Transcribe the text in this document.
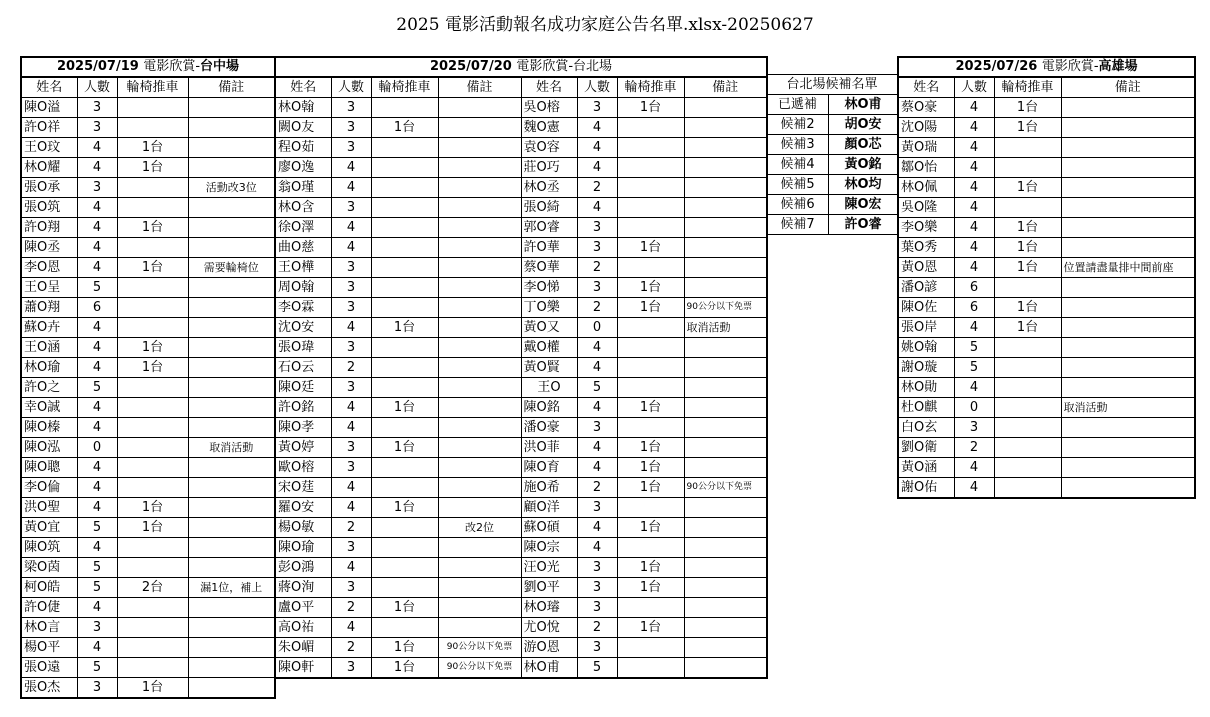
2025 電影活動報名成功家庭公告名單.xlsx-20250627
2025/07/19 電影欣賞-台中場			
姓名	人數	輪椅推車	備註
陳O溢	3		
許O祥	3		
王O玟	4	1台	
林O耀	4	1台	
張O承	3		活動改3位
張O筑	4		
許O翔	4	1台	
陳O丞	4		
李O恩	4	1台	需要輪椅位
王O呈	5		
蕭O翔	6		
蘇O卉	4		
王O涵	4	1台	
林O瑜	4	1台	
許O之	5		
幸O誠	4		
陳O榛	4		
陳O泓	0		取消活動
陳O聰	4		
李O倫	4		
洪O聖	4	1台	
黃O宜	5	1台	
陳O筑	4		
梁O茵	5		
柯O皓	5	2台	漏1位，補上
許O倢	4		
林O言	3		
楊O平	4		
張O遠	5		
張O杰	3	1台	
2025/07/20 電影欣賞-台北場							
姓名	人數	輪椅推車	備註	姓名	人數	輪椅推車	備註
林O翰	3			吳O榕	3	1台	
闕O友	3	1台		魏O憲	4		
程O茹	3			袁O容	4		
廖O逸	4			莊O巧	4		
翁O瑾	4			林O丞	2		
林O含	3			張O綺	4		
徐O澤	4			郭O睿	3		
曲O慈	4			許O華	3	1台	
王O樺	3			蔡O華	2		
周O翰	3			李O悌	3	1台	
李O霖	3			丁O樂	2	1台	90公分以下免票
沈O安	4	1台		黃O又	0		取消活動
張O瑋	3			戴O權	4		
石O云	2			黃O賢	4		
陳O廷	3			王O	5		
許O銘	4	1台		陳O銘	4	1台	
陳O孝	4			潘O豪	3		
黃O婷	3	1台		洪O菲	4	1台	
歐O榕	3			陳O育	4	1台	
宋O莛	4			施O希	2	1台	90公分以下免票
羅O安	4	1台		顧O洋	3		
楊O敏	2		改2位	蘇O碩	4	1台	
陳O瑜	3			陳O宗	4		
彭O鴻	4			汪O光	3	1台	
蔣O洵	3			劉O平	3	1台	
盧O平	2	1台		林O璿	3		
高O祐	4			尤O悅	2	1台	
朱O嵋	2	1台	90公分以下免票	游O恩	3		
陳O軒	3	1台	90公分以下免票	林O甫	5		

台北場候補名單	
已遞補	林O甫
候補2	胡O安
候補3	顏O芯
候補4	黃O銘
候補5	林O均
候補6	陳O宏
候補7	許O睿
2025/07/26 電影欣賞-高雄場			
姓名	人數	輪椅推車	備註
蔡O豪	4	1台	
沈O陽	4	1台	
黃O瑞	4		
鄒O怡	4		
林O佩	4	1台	
吳O隆	4		
李O樂	4	1台	
葉O秀	4	1台	
黃O恩	4	1台	位置請盡量排中間前座
潘O諺	6		
陳O佐	6	1台	
張O岸	4	1台	
姚O翰	5		
謝O璇	5		
林O勛	4		
杜O麒	0		取消活動
白O玄	3		
劉O衛	2		
黃O涵	4		
謝O佑	4		
